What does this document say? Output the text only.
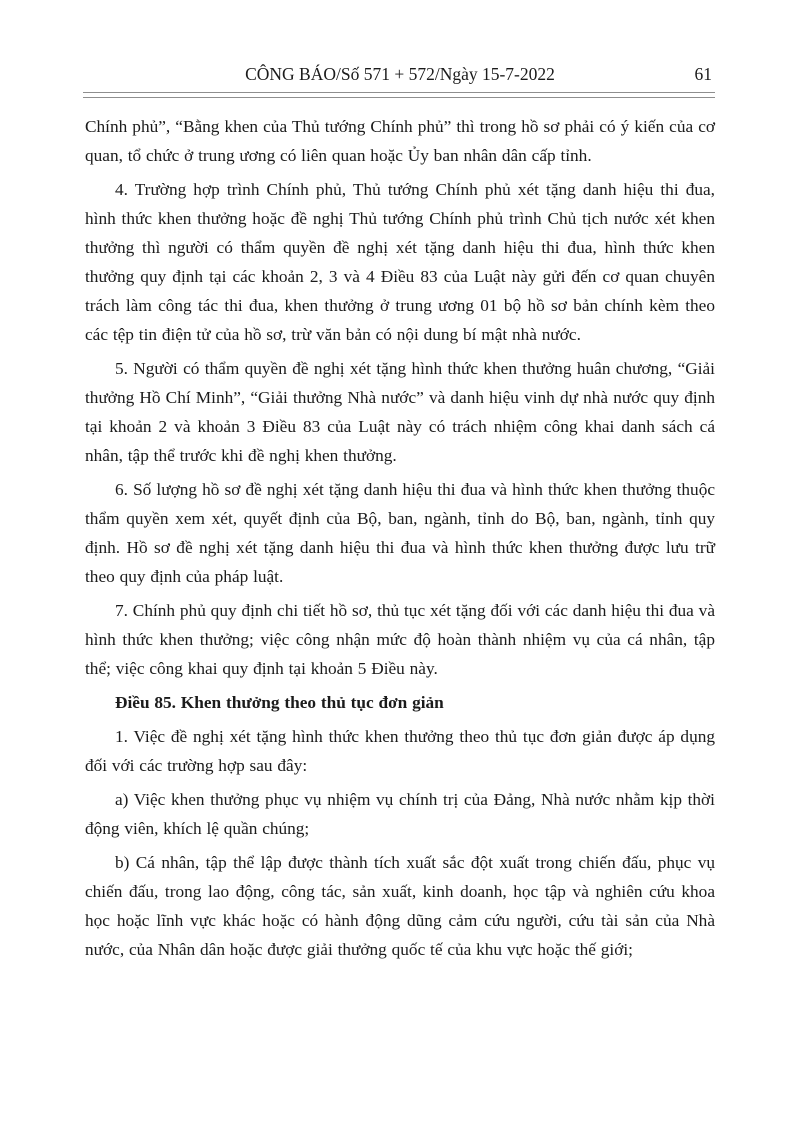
CÔNG BÁO/Số 571 + 572/Ngày 15-7-2022	61

Chính phủ”, “Bằng khen của Thủ tướng Chính phủ” thì trong hồ sơ phải có ý kiến của cơ quan, tổ chức ở trung ương có liên quan hoặc Ủy ban nhân dân cấp tỉnh.

4. Trường hợp trình Chính phủ, Thủ tướng Chính phủ xét tặng danh hiệu thi đua, hình thức khen thưởng hoặc đề nghị Thủ tướng Chính phủ trình Chủ tịch nước xét khen thưởng thì người có thẩm quyền đề nghị xét tặng danh hiệu thi đua, hình thức khen thưởng quy định tại các khoản 2, 3 và 4 Điều 83 của Luật này gửi đến cơ quan chuyên trách làm công tác thi đua, khen thưởng ở trung ương 01 bộ hồ sơ bản chính kèm theo các tệp tin điện tử của hồ sơ, trừ văn bản có nội dung bí mật nhà nước.

5. Người có thẩm quyền đề nghị xét tặng hình thức khen thưởng huân chương, “Giải thưởng Hồ Chí Minh”, “Giải thưởng Nhà nước” và danh hiệu vinh dự nhà nước quy định tại khoản 2 và khoản 3 Điều 83 của Luật này có trách nhiệm công khai danh sách cá nhân, tập thể trước khi đề nghị khen thưởng.

6. Số lượng hồ sơ đề nghị xét tặng danh hiệu thi đua và hình thức khen thưởng thuộc thẩm quyền xem xét, quyết định của Bộ, ban, ngành, tỉnh do Bộ, ban, ngành, tỉnh quy định. Hồ sơ đề nghị xét tặng danh hiệu thi đua và hình thức khen thưởng được lưu trữ theo quy định của pháp luật.

7. Chính phủ quy định chi tiết hồ sơ, thủ tục xét tặng đối với các danh hiệu thi đua và hình thức khen thưởng; việc công nhận mức độ hoàn thành nhiệm vụ của cá nhân, tập thể; việc công khai quy định tại khoản 5 Điều này.

Điều 85. Khen thưởng theo thủ tục đơn giản

1. Việc đề nghị xét tặng hình thức khen thưởng theo thủ tục đơn giản được áp dụng đối với các trường hợp sau đây:

a) Việc khen thưởng phục vụ nhiệm vụ chính trị của Đảng, Nhà nước nhằm kịp thời động viên, khích lệ quần chúng;

b) Cá nhân, tập thể lập được thành tích xuất sắc đột xuất trong chiến đấu, phục vụ chiến đấu, trong lao động, công tác, sản xuất, kinh doanh, học tập và nghiên cứu khoa học hoặc lĩnh vực khác hoặc có hành động dũng cảm cứu người, cứu tài sản của Nhà nước, của Nhân dân hoặc được giải thưởng quốc tế của khu vực hoặc thế giới;
